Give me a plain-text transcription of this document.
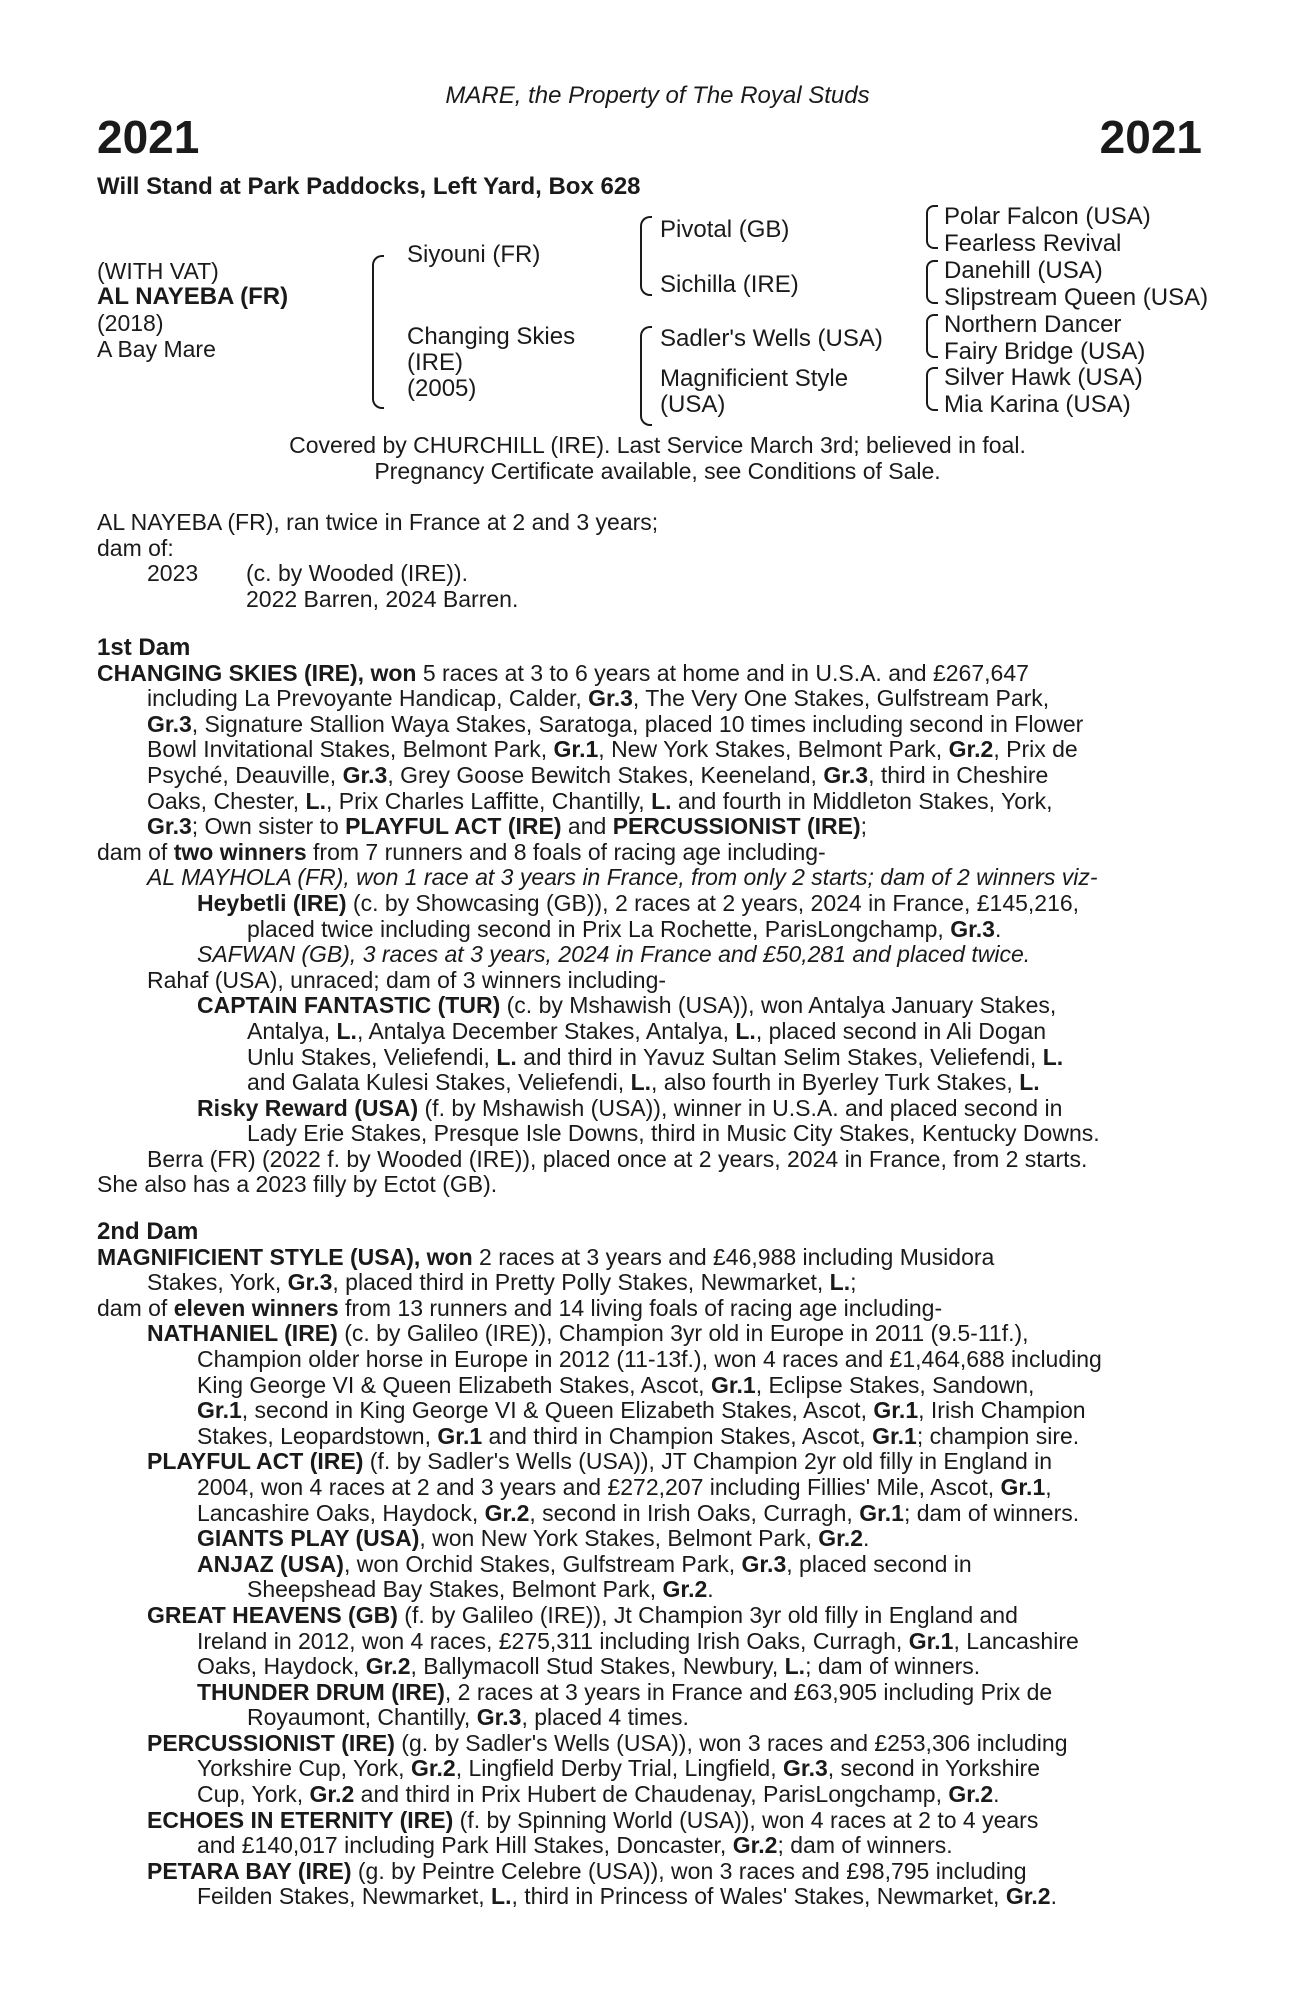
MARE, the Property of The Royal Studs
2021	2021
Will Stand at Park Paddocks, Left Yard, Box 628
(WITH VAT)
AL NAYEBA (FR)
(2018)
A Bay Mare
Siyouni (FR)
Changing Skies
(IRE)
(2005)
Pivotal (GB)
Sichilla (IRE)
Sadler's Wells (USA)
Magnificient Style
(USA)
Polar Falcon (USA)
Fearless Revival
Danehill (USA)
Slipstream Queen (USA)
Northern Dancer
Fairy Bridge (USA)
Silver Hawk (USA)
Mia Karina (USA)
Covered by CHURCHILL (IRE). Last Service March 3rd; believed in foal.
Pregnancy Certificate available, see Conditions of Sale.
AL NAYEBA (FR), ran twice in France at 2 and 3 years;
dam of:
2023 (c. by Wooded (IRE)).
2022 Barren, 2024 Barren.
1st Dam
CHANGING SKIES (IRE), won 5 races at 3 to 6 years at home and in U.S.A. and £267,647
including La Prevoyante Handicap, Calder, Gr.3, The Very One Stakes, Gulfstream Park,
Gr.3, Signature Stallion Waya Stakes, Saratoga, placed 10 times including second in Flower
Bowl Invitational Stakes, Belmont Park, Gr.1, New York Stakes, Belmont Park, Gr.2, Prix de
Psyché, Deauville, Gr.3, Grey Goose Bewitch Stakes, Keeneland, Gr.3, third in Cheshire
Oaks, Chester, L., Prix Charles Laffitte, Chantilly, L. and fourth in Middleton Stakes, York,
Gr.3; Own sister to PLAYFUL ACT (IRE) and PERCUSSIONIST (IRE);
dam of two winners from 7 runners and 8 foals of racing age including-
AL MAYHOLA (FR), won 1 race at 3 years in France, from only 2 starts; dam of 2 winners viz-
Heybetli (IRE) (c. by Showcasing (GB)), 2 races at 2 years, 2024 in France, £145,216,
placed twice including second in Prix La Rochette, ParisLongchamp, Gr.3.
SAFWAN (GB), 3 races at 3 years, 2024 in France and £50,281 and placed twice.
Rahaf (USA), unraced; dam of 3 winners including-
CAPTAIN FANTASTIC (TUR) (c. by Mshawish (USA)), won Antalya January Stakes,
Antalya, L., Antalya December Stakes, Antalya, L., placed second in Ali Dogan
Unlu Stakes, Veliefendi, L. and third in Yavuz Sultan Selim Stakes, Veliefendi, L.
and Galata Kulesi Stakes, Veliefendi, L., also fourth in Byerley Turk Stakes, L.
Risky Reward (USA) (f. by Mshawish (USA)), winner in U.S.A. and placed second in
Lady Erie Stakes, Presque Isle Downs, third in Music City Stakes, Kentucky Downs.
Berra (FR) (2022 f. by Wooded (IRE)), placed once at 2 years, 2024 in France, from 2 starts.
She also has a 2023 filly by Ectot (GB).
2nd Dam
MAGNIFICIENT STYLE (USA), won 2 races at 3 years and £46,988 including Musidora
Stakes, York, Gr.3, placed third in Pretty Polly Stakes, Newmarket, L.;
dam of eleven winners from 13 runners and 14 living foals of racing age including-
NATHANIEL (IRE) (c. by Galileo (IRE)), Champion 3yr old in Europe in 2011 (9.5-11f.),
Champion older horse in Europe in 2012 (11-13f.), won 4 races and £1,464,688 including
King George VI & Queen Elizabeth Stakes, Ascot, Gr.1, Eclipse Stakes, Sandown,
Gr.1, second in King George VI & Queen Elizabeth Stakes, Ascot, Gr.1, Irish Champion
Stakes, Leopardstown, Gr.1 and third in Champion Stakes, Ascot, Gr.1; champion sire.
PLAYFUL ACT (IRE) (f. by Sadler's Wells (USA)), JT Champion 2yr old filly in England in
2004, won 4 races at 2 and 3 years and £272,207 including Fillies' Mile, Ascot, Gr.1,
Lancashire Oaks, Haydock, Gr.2, second in Irish Oaks, Curragh, Gr.1; dam of winners.
GIANTS PLAY (USA), won New York Stakes, Belmont Park, Gr.2.
ANJAZ (USA), won Orchid Stakes, Gulfstream Park, Gr.3, placed second in
Sheepshead Bay Stakes, Belmont Park, Gr.2.
GREAT HEAVENS (GB) (f. by Galileo (IRE)), Jt Champion 3yr old filly in England and
Ireland in 2012, won 4 races, £275,311 including Irish Oaks, Curragh, Gr.1, Lancashire
Oaks, Haydock, Gr.2, Ballymacoll Stud Stakes, Newbury, L.; dam of winners.
THUNDER DRUM (IRE), 2 races at 3 years in France and £63,905 including Prix de
Royaumont, Chantilly, Gr.3, placed 4 times.
PERCUSSIONIST (IRE) (g. by Sadler's Wells (USA)), won 3 races and £253,306 including
Yorkshire Cup, York, Gr.2, Lingfield Derby Trial, Lingfield, Gr.3, second in Yorkshire
Cup, York, Gr.2 and third in Prix Hubert de Chaudenay, ParisLongchamp, Gr.2.
ECHOES IN ETERNITY (IRE) (f. by Spinning World (USA)), won 4 races at 2 to 4 years
and £140,017 including Park Hill Stakes, Doncaster, Gr.2; dam of winners.
PETARA BAY (IRE) (g. by Peintre Celebre (USA)), won 3 races and £98,795 including
Feilden Stakes, Newmarket, L., third in Princess of Wales' Stakes, Newmarket, Gr.2.
